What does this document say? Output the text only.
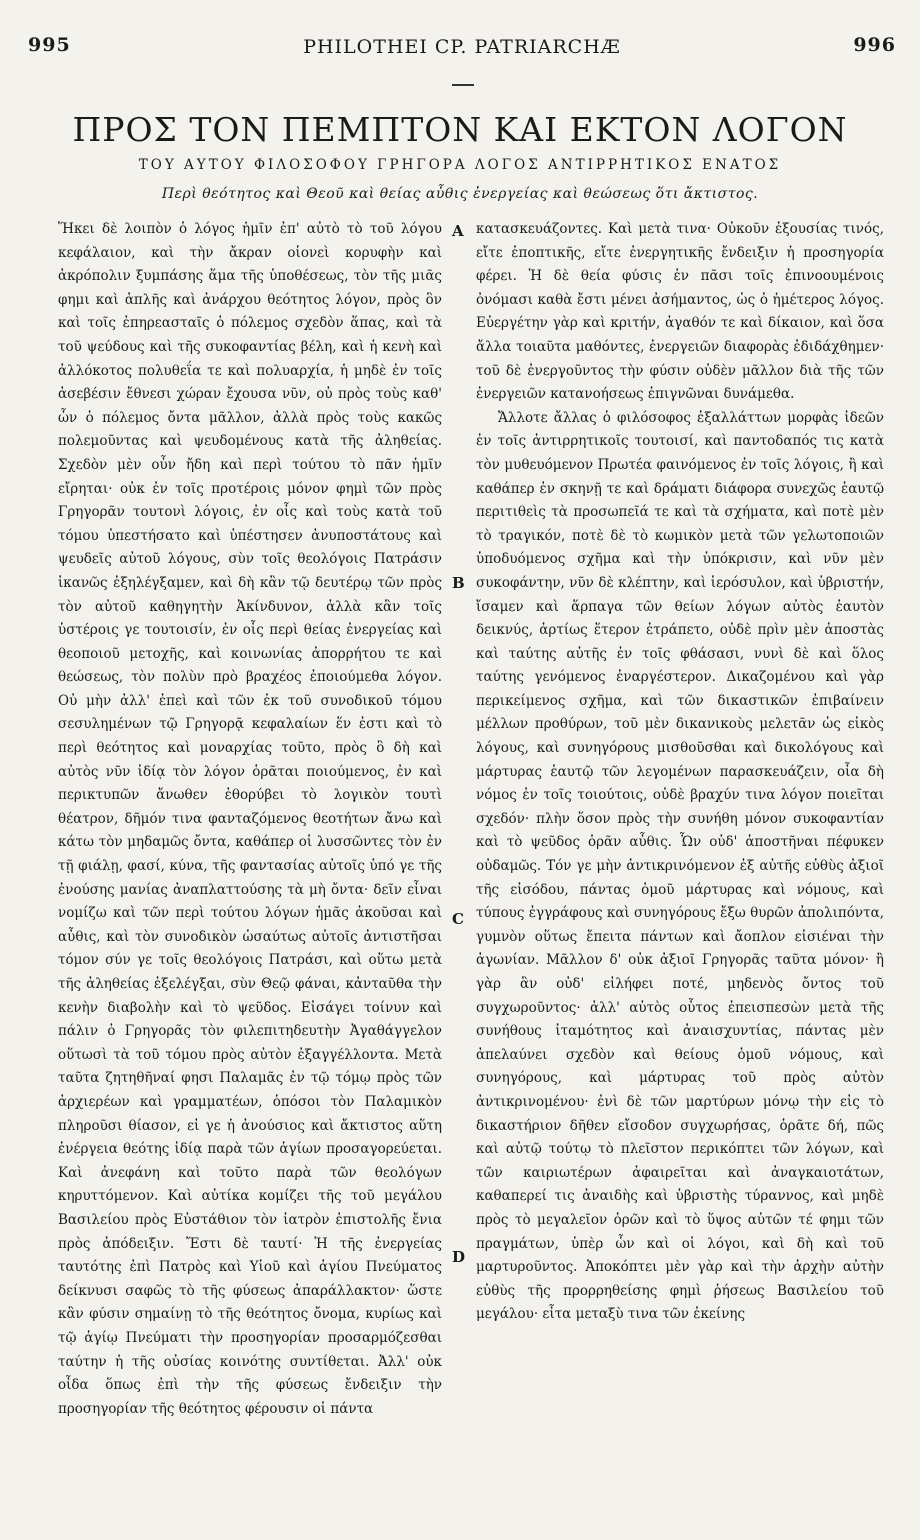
995	PHILOTHEI CP. PATRIARCHÆ	996
ΠΡΟΣ ΤΟΝ ΠΕΜΠΤΟΝ ΚΑΙ ΕΚΤΟΝ ΛΟΓΟΝ
ΤΟΥ ΑΥΤΟΥ ΦΙΛΟΣΟΦΟΥ ΓΡΗΓΟΡΑ ΛΟΓΟΣ ΑΝΤΙΡΡΗΤΙΚΟΣ ΕΝΑΤΟΣ
Περὶ θεότητος καὶ Θεοῦ καὶ θείας αὖθις ἐνεργείας καὶ θεώσεως ὅτι ἄκτιστος.

Ἥκει δὲ λοιπὸν ὁ λόγος ἡμῖν ἐπ' αὐτὸ τὸ τοῦ λόγου κεφάλαιον, καὶ τὴν ἄκραν οἱονεὶ κορυφὴν καὶ ἀκρόπολιν ξυμπάσης ἅμα τῆς ὑποθέσεως, τὸν τῆς μιᾶς φημι καὶ ἁπλῆς καὶ ἀνάρχου θεότητος λόγον, πρὸς ὃν καὶ τοῖς ἐπηρεασταῖς ὁ πόλεμος σχεδὸν ἅπας, καὶ τὰ τοῦ ψεύδους καὶ τῆς συκοφαντίας βέλη, καὶ ἡ κενὴ καὶ ἀλλόκοτος πολυθεΐα τε καὶ πολυαρχία, ἡ μηδὲ ἐν τοῖς ἀσεβέσιν ἔθνεσι χώραν ἔχουσα νῦν, οὐ πρὸς τοὺς καθ' ὧν ὁ πόλεμος ὄντα μᾶλλον, ἀλλὰ πρὸς τοὺς κακῶς πολεμοῦντας καὶ ψευδομένους κατὰ τῆς ἀληθείας. Σχεδὸν μὲν οὖν ἤδη καὶ περὶ τούτου τὸ πᾶν ἡμῖν εἴρηται· οὐκ ἐν τοῖς προτέροις μόνον φημὶ τῶν πρὸς Γρηγορᾶν τουτονὶ λόγοις, ἐν οἷς καὶ τοὺς κατὰ τοῦ τόμου ὑπεστήσατο καὶ ὑπέστησεν ἀνυποστάτους καὶ ψευδεῖς αὐτοῦ λόγους, σὺν τοῖς θεολόγοις Πατράσιν ἱκανῶς ἐξηλέγξαμεν, καὶ δὴ κἂν τῷ δευτέρῳ τῶν πρὸς τὸν αὐτοῦ καθηγητὴν Ἀκίνδυνον, ἀλλὰ κἂν τοῖς ὑστέροις γε τουτοισίν, ἐν οἷς περὶ θείας ἐνεργείας καὶ θεοποιοῦ μετοχῆς, καὶ κοινωνίας ἀπορρήτου τε καὶ θεώσεως, τὸν πολὺν πρὸ βραχέος ἐποιούμεθα λόγον. Οὐ μὴν ἀλλ' ἐπεὶ καὶ τῶν ἐκ τοῦ συνοδικοῦ τόμου σεσυλημένων τῷ Γρηγορᾷ κεφαλαίων ἕν ἐστι καὶ τὸ περὶ θεότητος καὶ μοναρχίας τοῦτο, πρὸς ὃ δὴ καὶ αὐτὸς νῦν ἰδίᾳ τὸν λόγον ὁρᾶται ποιούμενος, ἐν καὶ περικτυπῶν ἄνωθεν ἐθορύβει τὸ λογικὸν τουτὶ θέατρον, δῆμόν τινα φανταζόμενος θεοτήτων ἄνω καὶ κάτω τὸν μηδαμῶς ὄντα, καθάπερ οἱ λυσσῶντες τὸν ἐν τῇ φιάλῃ, φασί, κύνα, τῆς φαντασίας αὐτοῖς ὑπό γε τῆς ἐνούσης μανίας ἀναπλαττούσης τὰ μὴ ὄντα· δεῖν εἶναι νομίζω καὶ τῶν περὶ τούτου λόγων ἡμᾶς ἀκοῦσαι καὶ αὖθις, καὶ τὸν συνοδικὸν ὡσαύτως αὐτοῖς ἀντιστῆσαι τόμον σύν γε τοῖς θεολόγοις Πατράσι, καὶ οὕτω μετὰ τῆς ἀληθείας ἐξελέγξαι, σὺν Θεῷ φάναι, κἀνταῦθα τὴν κενὴν διαβολὴν καὶ τὸ ψεῦδος. Εἰσάγει τοίνυν καὶ πάλιν ὁ Γρηγορᾶς τὸν φιλεπιτηδευτὴν Ἀγαθάγγελον οὕτωσὶ τὰ τοῦ τόμου πρὸς αὐτὸν ἐξαγγέλλοντα. Μετὰ ταῦτα ζητηθῆναί φησι Παλαμᾶς ἐν τῷ τόμῳ πρὸς τῶν ἀρχιερέων καὶ γραμματέων, ὁπόσοι τὸν Παλαμικὸν πληροῦσι θίασον, εἰ γε ἡ ἀνούσιος καὶ ἄκτιστος αὕτη ἐνέργεια θεότης ἰδίᾳ παρὰ τῶν ἁγίων προσαγορεύεται. Καὶ ἀνεφάνη καὶ τοῦτο παρὰ τῶν θεολόγων κηρυττόμενον. Καὶ αὐτίκα κομίζει τῆς τοῦ μεγάλου Βασιλείου πρὸς Εὐστάθιον τὸν ἰατρὸν ἐπιστολῆς ἔνια πρὸς ἀπόδειξιν. Ἔστι δὲ ταυτί· Ἡ τῆς ἐνεργείας ταυτότης ἐπὶ Πατρὸς καὶ Υἱοῦ καὶ ἁγίου Πνεύματος δείκνυσι σαφῶς τὸ τῆς φύσεως ἀπαράλλακτον· ὥστε κἂν φύσιν σημαίνῃ τὸ τῆς θεότητος ὄνομα, κυρίως καὶ τῷ ἁγίῳ Πνεύματι τὴν προσηγορίαν προσαρμόζεσθαι ταύτην ἡ τῆς οὐσίας κοινότης συντίθεται. Ἀλλ' οὐκ οἶδα ὅπως ἐπὶ τὴν τῆς φύσεως ἔνδειξιν τὴν προσηγορίαν τῆς θεότητος φέρουσιν οἱ πάντα

κατασκευάζοντες. Καὶ μετὰ τινα· Οὐκοῦν ἐξουσίας τινός, εἴτε ἐποπτικῆς, εἴτε ἐνεργητικῆς ἔνδειξιν ἡ προσηγορία φέρει. Ἡ δὲ θεία φύσις ἐν πᾶσι τοῖς ἐπινοουμένοις ὀνόμασι καθὰ ἔστι μένει ἀσήμαντος, ὡς ὁ ἡμέτερος λόγος. Εὐεργέτην γὰρ καὶ κριτήν, ἀγαθόν τε καὶ δίκαιον, καὶ ὅσα ἄλλα τοιαῦτα μαθόντες, ἐνεργειῶν διαφορὰς ἐδιδάχθημεν· τοῦ δὲ ἐνεργοῦντος τὴν φύσιν οὐδὲν μᾶλλον διὰ τῆς τῶν ἐνεργειῶν κατανοήσεως ἐπιγνῶναι δυνάμεθα.

Ἄλλοτε ἄλλας ὁ φιλόσοφος ἐξαλλάττων μορφὰς ἰδεῶν ἐν τοῖς ἀντιρρητικοῖς τουτοισί, καὶ παντοδαπός τις κατὰ τὸν μυθευόμενον Πρωτέα φαινόμενος ἐν τοῖς λόγοις, ἢ καὶ καθάπερ ἐν σκηνῇ τε καὶ δράματι διάφορα συνεχῶς ἑαυτῷ περιτιθεὶς τὰ προσωπεῖά τε καὶ τὰ σχήματα, καὶ ποτὲ μὲν τὸ τραγικόν, ποτὲ δὲ τὸ κωμικὸν μετὰ τῶν γελωτοποιῶν ὑποδυόμενος σχῆμα καὶ τὴν ὑπόκρισιν, καὶ νῦν μὲν συκοφάντην, νῦν δὲ κλέπτην, καὶ ἱερόσυλον, καὶ ὑβριστήν, ἴσαμεν καὶ ἅρπαγα τῶν θείων λόγων αὐτὸς ἑαυτὸν δεικνύς, ἀρτίως ἕτερον ἐτράπετο, οὐδὲ πρὶν μὲν ἀποστὰς καὶ ταύτης αὐτῆς ἐν τοῖς φθάσασι, νυνὶ δὲ καὶ ὅλος ταύτης γενόμενος ἐναργέστερον. Δικαζομένου καὶ γὰρ περικείμενος σχῆμα, καὶ τῶν δικαστικῶν ἐπιβαίνειν μέλλων προθύρων, τοῦ μὲν δικανικοὺς μελετᾶν ὡς εἰκὸς λόγους, καὶ συνηγόρους μισθοῦσθαι καὶ δικολόγους καὶ μάρτυρας ἑαυτῷ τῶν λεγομένων παρασκευάζειν, οἷα δὴ νόμος ἐν τοῖς τοιούτοις, οὐδὲ βραχύν τινα λόγον ποιεῖται σχεδόν· πλὴν ὅσον πρὸς τὴν συνήθη μόνον συκοφαντίαν καὶ τὸ ψεῦδος ὁρᾶν αὖθις. Ὧν οὐδ' ἀποστῆναι πέφυκεν οὐδαμῶς. Τόν γε μὴν ἀντικρινόμενον ἐξ αὐτῆς εὐθὺς ἀξιοῖ τῆς εἰσόδου, πάντας ὁμοῦ μάρτυρας καὶ νόμους, καὶ τύπους ἐγγράφους καὶ συνηγόρους ἔξω θυρῶν ἀπολιπόντα, γυμνὸν οὕτως ἔπειτα πάντων καὶ ἄοπλον εἰσιέναι τὴν ἀγωνίαν. Μᾶλλον δ' οὐκ ἀξιοῖ Γρηγορᾶς ταῦτα μόνον· ἢ γὰρ ἂν οὐδ' εἰλήφει ποτέ, μηδενὸς ὄντος τοῦ συγχωροῦντος· ἀλλ' αὐτὸς οὗτος ἐπεισπεσὼν μετὰ τῆς συνήθους ἰταμότητος καὶ ἀναισχυντίας, πάντας μὲν ἀπελαύνει σχεδὸν καὶ θείους ὁμοῦ νόμους, καὶ συνηγόρους, καὶ μάρτυρας τοῦ πρὸς αὐτὸν ἀντικρινομένου· ἐνὶ δὲ τῶν μαρτύρων μόνῳ τὴν εἰς τὸ δικαστήριον δῆθεν εἴσοδον συγχωρήσας, ὁρᾶτε δή, πῶς καὶ αὐτῷ τούτῳ τὸ πλεῖστον περικόπτει τῶν λόγων, καὶ τῶν καιριωτέρων ἀφαιρεῖται καὶ ἀναγκαιοτάτων, καθαπερεί τις ἀναιδὴς καὶ ὑβριστὴς τύραννος, καὶ μηδὲ πρὸς τὸ μεγαλεῖον ὁρῶν καὶ τὸ ὕψος αὐτῶν τέ φημι τῶν πραγμάτων, ὑπὲρ ὧν καὶ οἱ λόγοι, καὶ δὴ καὶ τοῦ μαρτυροῦντος. Ἀποκόπτει μὲν γὰρ καὶ τὴν ἀρχὴν αὐτὴν εὐθὺς τῆς προρρηθείσης φημὶ ῥήσεως Βασιλείου τοῦ μεγάλου· εἶτα μεταξὺ τινα τῶν ἐκείνης

A
B
C
D
